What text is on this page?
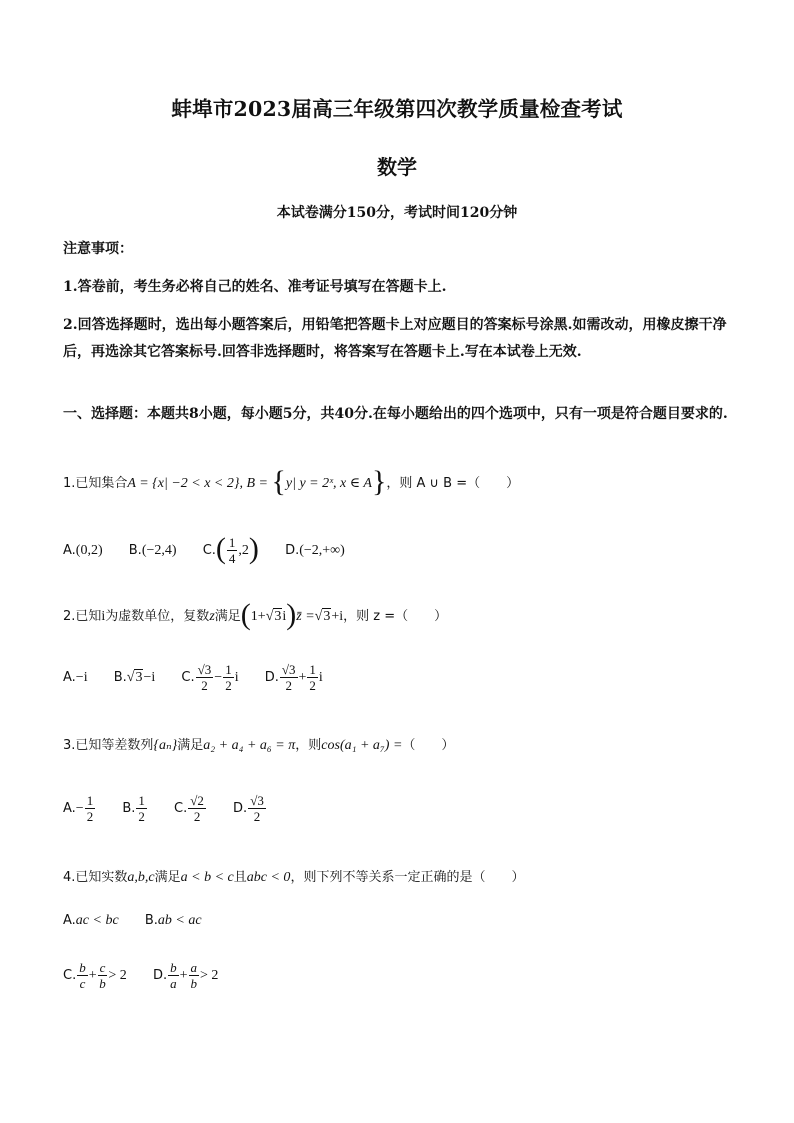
蚌埠市2023届高三年级第四次教学质量检查考试
数学
本试卷满分150分，考试时间120分钟
注意事项：
1.答卷前，考生务必将自己的姓名、准考证号填写在答题卡上.
2.回答选择题时，选出每小题答案后，用铅笔把答题卡上对应题目的答案标号涂黑.如需改动，用橡皮擦干净后，再选涂其它答案标号.回答非选择题时，将答案写在答题卡上.写在本试卷上无效.
一、选择题：本题共8小题，每小题5分，共40分.在每小题给出的四个选项中，只有一项是符合题目要求的.
1.已知集合A = {x| −2 < x < 2}, B = {y| y = 2ˣ, x ∈ A}，则 A ∪ B =（　　）
A.(0,2) B.(−2,4) $C.( \frac{1}{4} ,2)$ D.(−2,+∞)
2.已知i为虚数单位，复数z满足(1+√3i)z̄ =√3+i，则 z =（　　）
A.−i B.√3−i C. $\frac{√3}{2} - \frac{1}{2}$ i D. $\frac{√3}{2} + \frac{1}{2}$ i
3.已知等差数列{aₙ}满足a₂ + a₄ + a₆ = π，则cos(a₁ + a₇) =（　　）
$A.- \frac{1}{2} B$. $\frac{1}{2} C$. $\frac{√2}{2} D$. $\frac{√3}{2}$
4.已知实数a,b,c满足a < b < c且abc < 0，则下列不等关系一定正确的是（　　）
A.ac < bc B.ab < ac
C. $\frac{b}{c} + \frac{c}{b} > 2$ D. $\frac{b}{a} + \frac{a}{b} > 2$
